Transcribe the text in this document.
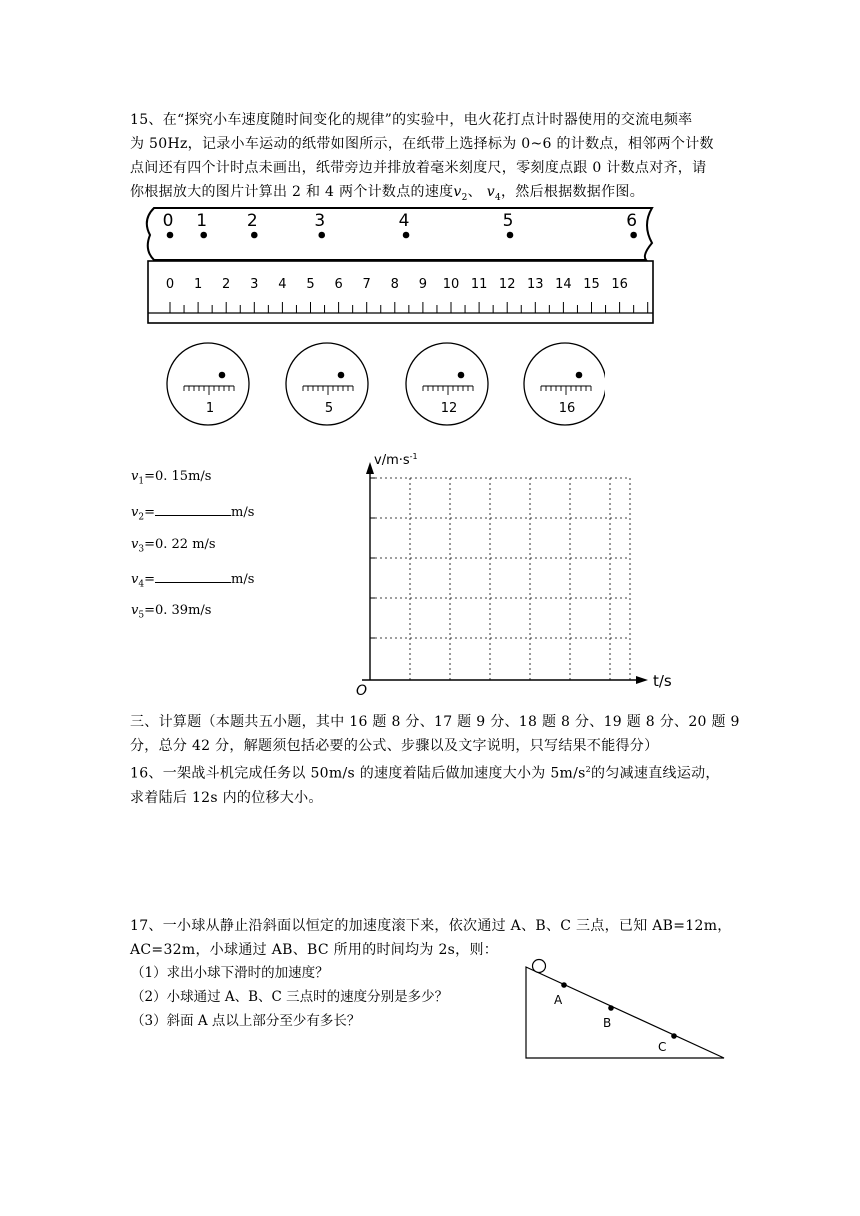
15、在“探究小车速度随时间变化的规律”的实验中，电火花打点计时器使用的交流电频率
为 50Hz，记录小车运动的纸带如图所示，在纸带上选择标为 0~6 的计数点，相邻两个计数
点间还有四个计时点未画出，纸带旁边并排放着毫米刻度尺，零刻度点跟 0 计数点对齐，请
你根据放大的图片计算出 2 和 4 两个计数点的速度$v_2$、 $v_4$，然后根据数据作图。
0 1 2	3	4	5	6
0 1 2 3 4 5 6 7 8 9 10 11 12 13 14 15 16
1	5	12	16
$v_1=0$. 15m/s
$v_2=$	m/s
$v_3=0$. 22 m/s
$v_4=$	m/s
$v_5=0$. 39m/s
$v/m\cdot s^{-1}$
t/s
O
三、计算题（本题共五小题，其中 16 题 8 分、17 题 9 分、18 题 8 分、19 题 8 分、20 题 9
分，总分 42 分，解题须包括必要的公式、步骤以及文字说明，只写结果不能得分）
16、一架战斗机完成任务以 50m/s 的速度着陆后做加速度大小为 $5m/s^2$的匀减速直线运动，
求着陆后 12s 内的位移大小。
17、一小球从静止沿斜面以恒定的加速度滚下来，依次通过 A、B、C 三点，已知 AB=12m，
AC=32m，小球通过 AB、BC 所用的时间均为 2s，则：
（1）求出小球下滑时的加速度？
（2）小球通过 A、B、C 三点时的速度分别是多少？
（3）斜面 A 点以上部分至少有多长？
A
B
C
